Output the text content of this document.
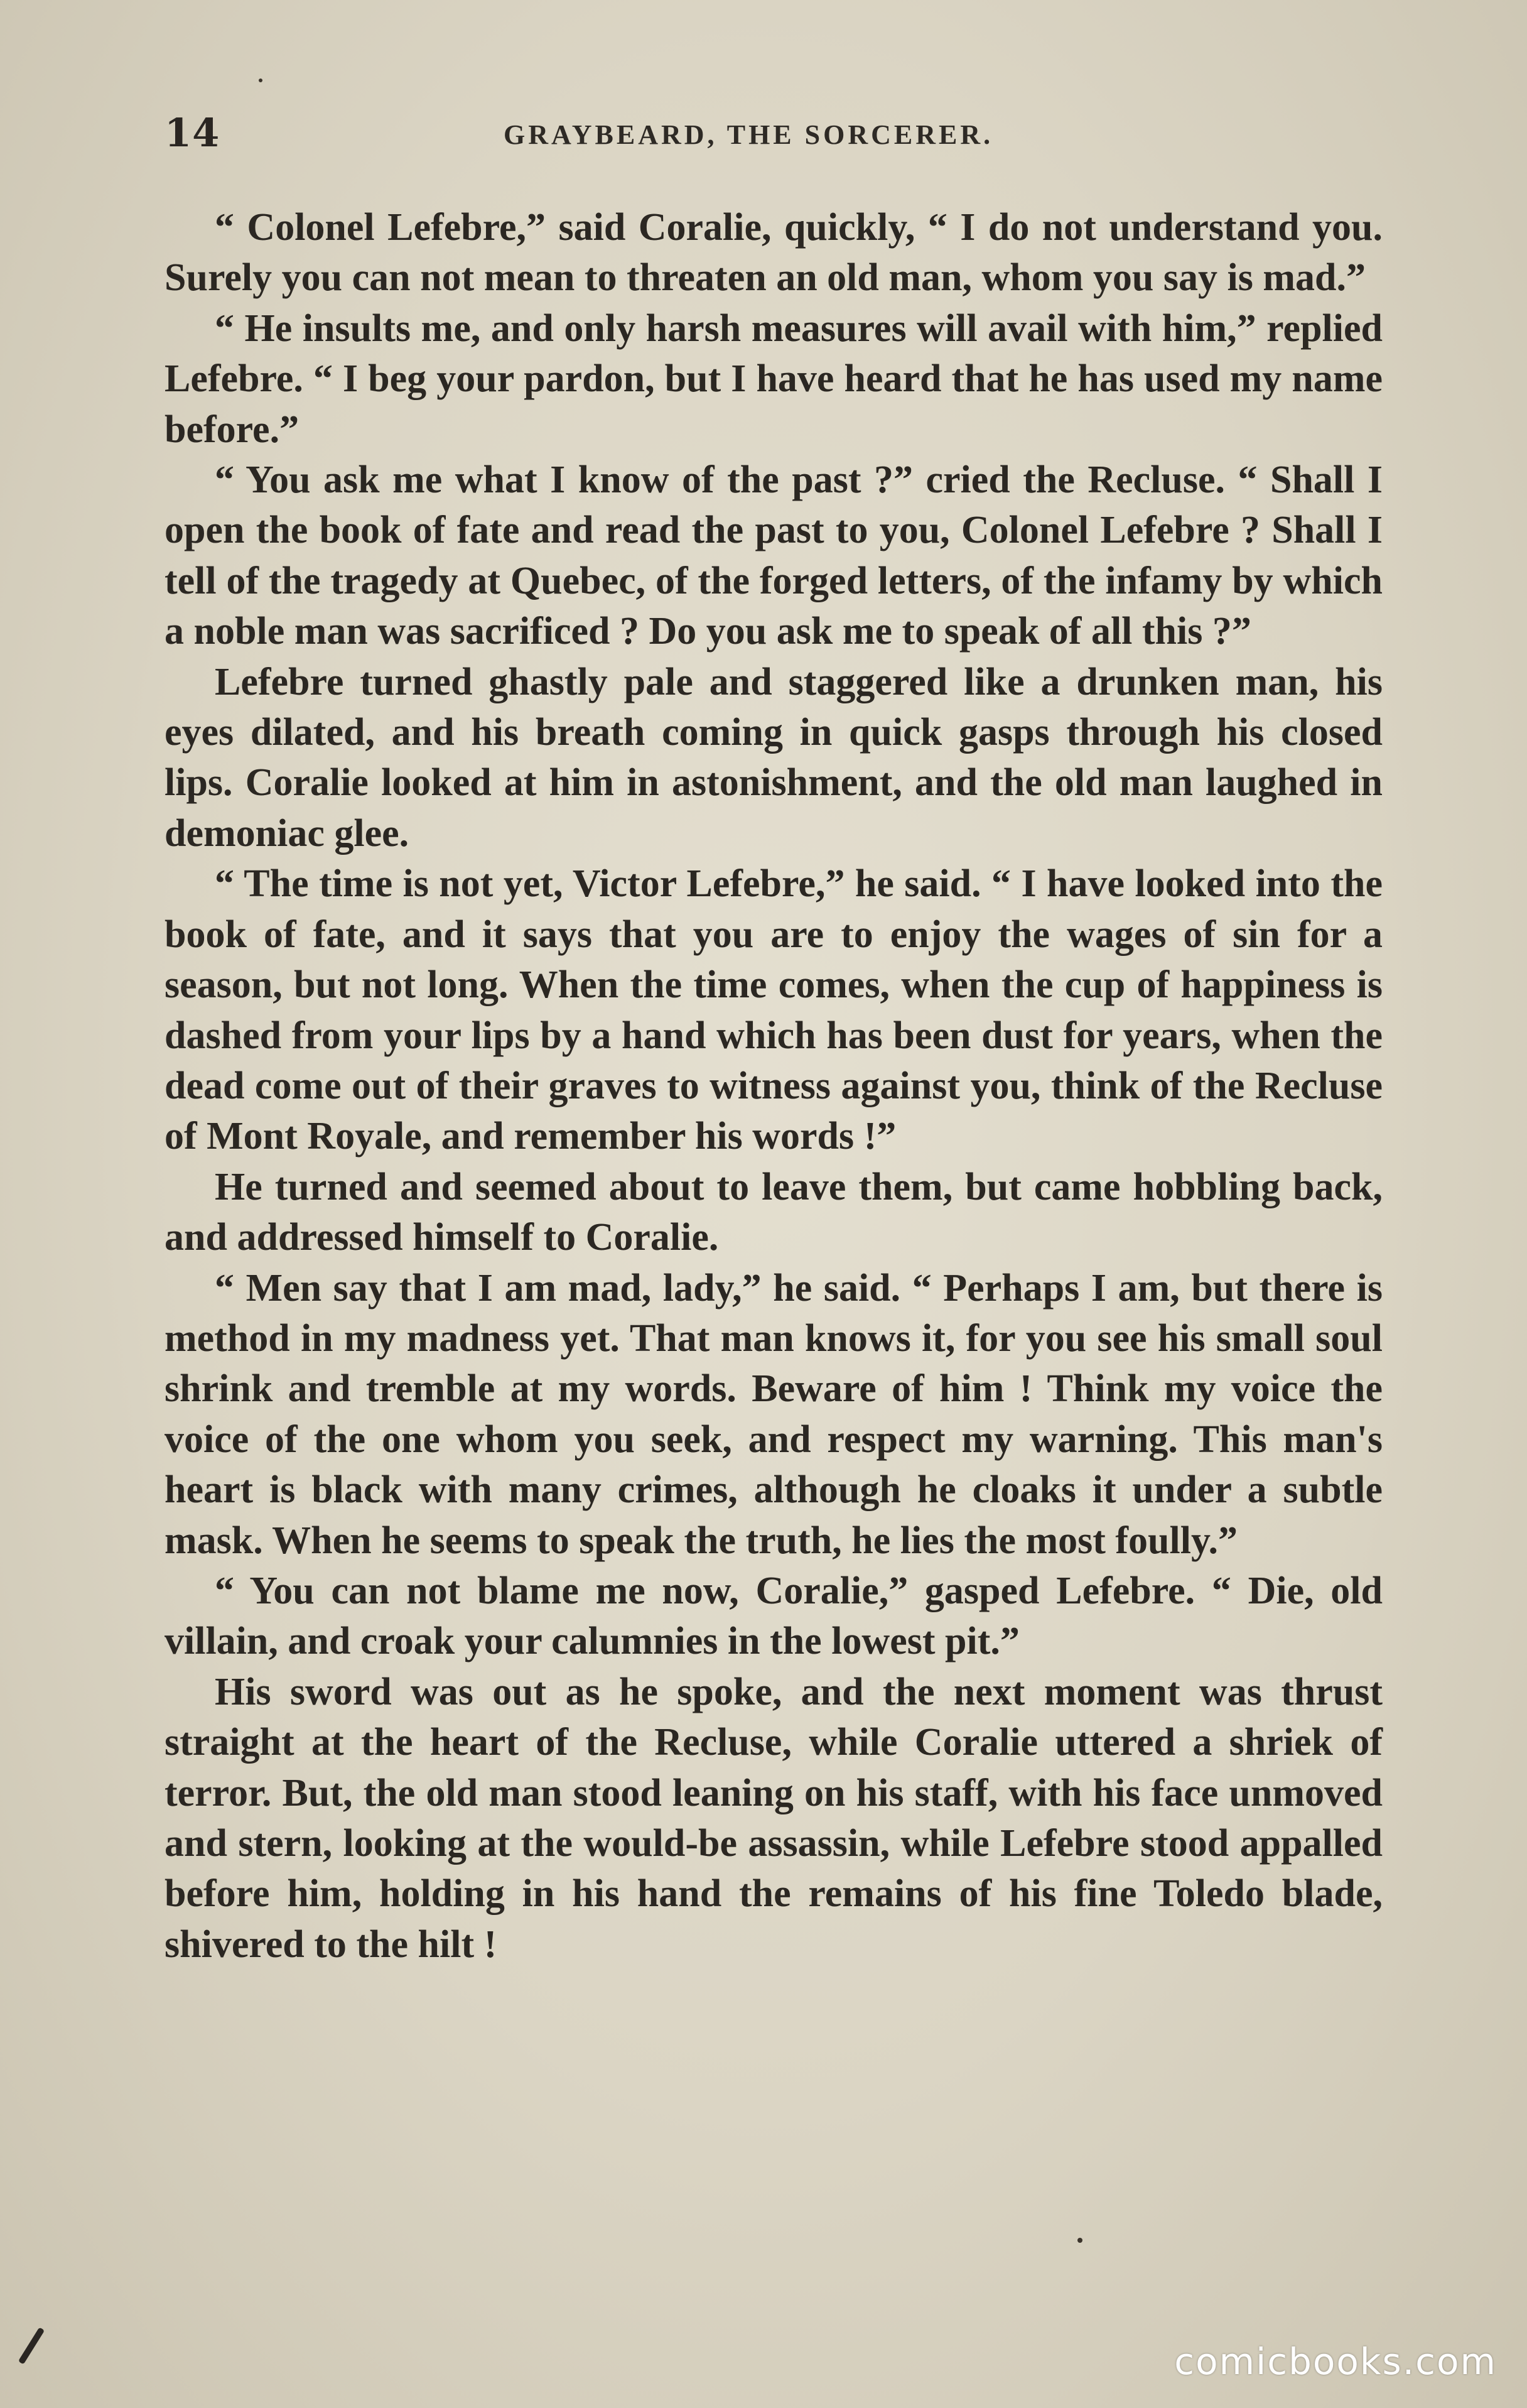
14	GRAYBEARD, THE SORCERER.

“ Colonel Lefebre,” said Coralie, quickly, “ I do not understand you. Surely you can not mean to threaten an old man, whom you say is mad.”

“ He insults me, and only harsh measures will avail with him,” replied Lefebre. “ I beg your pardon, but I have heard that he has used my name before.”

“ You ask me what I know of the past ?” cried the Recluse. “ Shall I open the book of fate and read the past to you, Colonel Lefebre ? Shall I tell of the tragedy at Quebec, of the forged letters, of the infamy by which a noble man was sacrificed ? Do you ask me to speak of all this ?”

Lefebre turned ghastly pale and staggered like a drunken man, his eyes dilated, and his breath coming in quick gasps through his closed lips. Coralie looked at him in astonishment, and the old man laughed in demoniac glee.

“ The time is not yet, Victor Lefebre,” he said. “ I have looked into the book of fate, and it says that you are to enjoy the wages of sin for a season, but not long. When the time comes, when the cup of happiness is dashed from your lips by a hand which has been dust for years, when the dead come out of their graves to witness against you, think of the Recluse of Mont Royale, and remember his words !”

He turned and seemed about to leave them, but came hobbling back, and addressed himself to Coralie.

“ Men say that I am mad, lady,” he said. “ Perhaps I am, but there is method in my madness yet. That man knows it, for you see his small soul shrink and tremble at my words. Beware of him ! Think my voice the voice of the one whom you seek, and respect my warning. This man's heart is black with many crimes, although he cloaks it under a subtle mask. When he seems to speak the truth, he lies the most foully.”

“ You can not blame me now, Coralie,” gasped Lefebre. “ Die, old villain, and croak your calumnies in the lowest pit.”

His sword was out as he spoke, and the next moment was thrust straight at the heart of the Recluse, while Coralie uttered a shriek of terror. But, the old man stood leaning on his staff, with his face unmoved and stern, looking at the would-be assassin, while Lefebre stood appalled before him, holding in his hand the remains of his fine Toledo blade, shivered to the hilt !

comicbooks.com
